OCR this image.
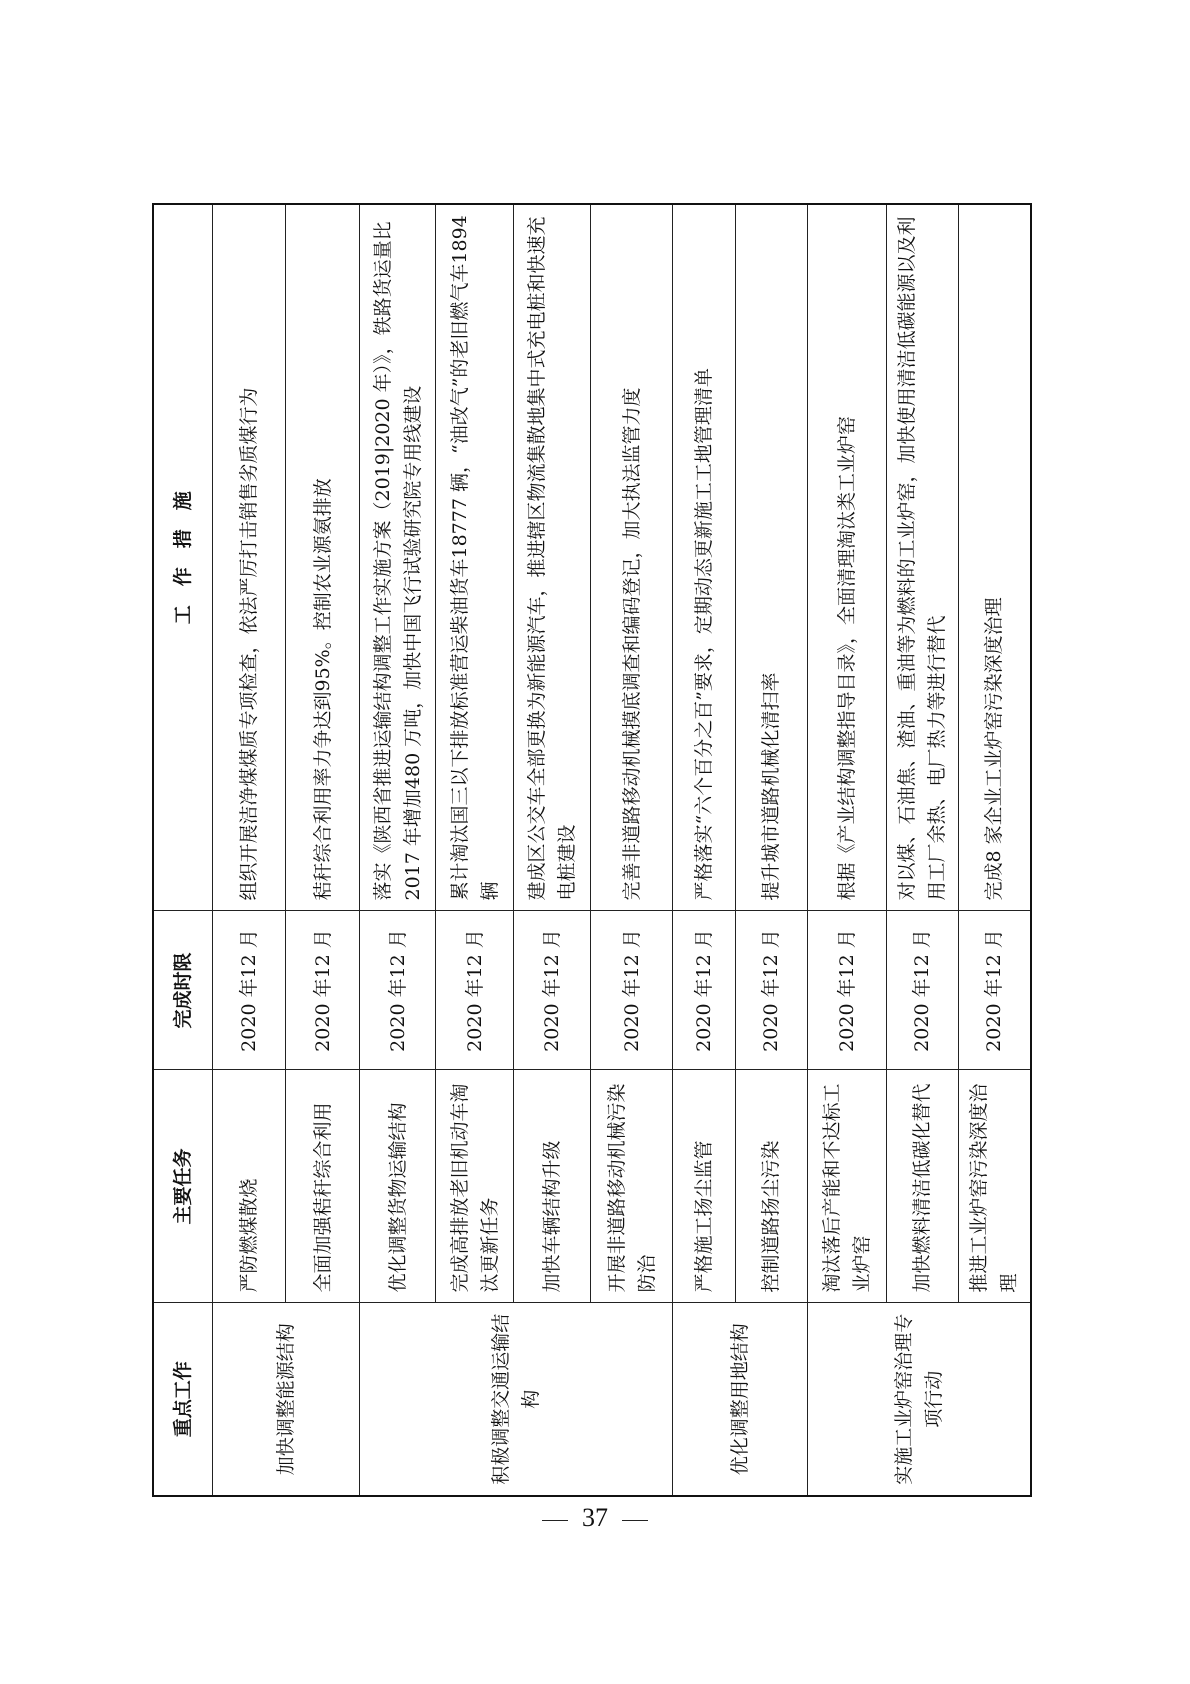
重点工作	主要任务	完成时限	工　作　措　施
加快调整能源结构	严防燃煤散烧	2020 年12 月	组织开展洁净煤煤质专项检查，依法严厉打击销售劣质煤行为
	全面加强秸秆综合利用	2020 年12 月	秸秆综合利用率力争达到95%。控制农业源氨排放
积极调整交通运输结构	优化调整货物运输结构	2020 年12 月	落实《陕西省推进运输结构调整工作实施方案（2019|2020 年）》，铁路货运量比2017 年增加480 万吨，加快中国飞行试验研究院专用线建设
	完成高排放老旧机动车淘汰更新任务	2020 年12 月	累计淘汰国三以下排放标准营运柴油货车18777 辆，“油改气”的老旧燃气车1894 辆
	加快车辆结构升级	2020 年12 月	建成区公交车全部更换为新能源汽车，推进辖区物流集散地集中式充电桩和快速充电桩建设
	开展非道路移动机械污染防治	2020 年12 月	完善非道路移动机械摸底调查和编码登记，加大执法监管力度
优化调整用地结构	严格施工扬尘监管	2020 年12 月	严格落实“六个百分之百”要求，定期动态更新施工工地管理清单
	控制道路扬尘污染	2020 年12 月	提升城市道路机械化清扫率
实施工业炉窑治理专项行动	淘汰落后产能和不达标工业炉窑	2020 年12 月	根据《产业结构调整指导目录》，全面清理淘汰类工业炉窑
	加快燃料清洁低碳化替代	2020 年12 月	对以煤、石油焦、渣油、重油等为燃料的工业炉窑，加快使用清洁低碳能源以及利用工厂余热、电厂热力等进行替代
	推进工业炉窑污染深度治理	2020 年12 月	完成8 家企业工业炉窑污染深度治理
37
